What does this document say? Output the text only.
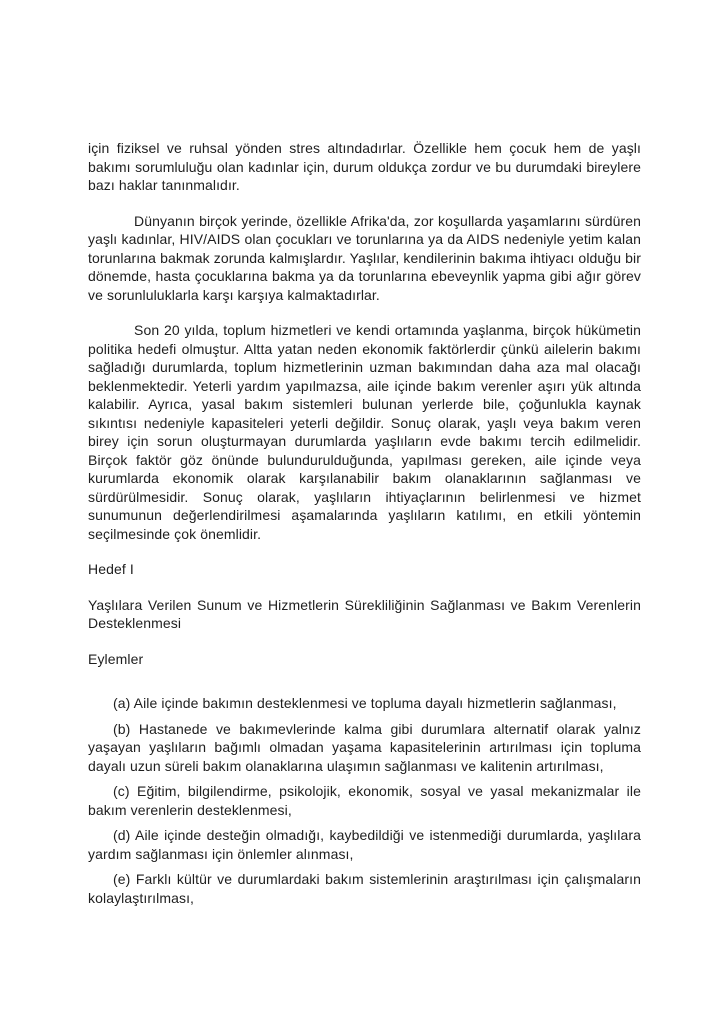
için fiziksel ve ruhsal yönden stres altındadırlar. Özellikle hem çocuk hem de yaşlı bakımı sorumluluğu olan kadınlar için, durum oldukça zordur ve bu durumdaki bireylere bazı haklar tanınmalıdır.

Dünyanın birçok yerinde, özellikle Afrika'da, zor koşullarda yaşamlarını sürdüren yaşlı kadınlar, HIV/AIDS olan çocukları ve torunlarına ya da AIDS nedeniyle yetim kalan torunlarına bakmak zorunda kalmışlardır. Yaşlılar, kendilerinin bakıma ihtiyacı olduğu bir dönemde, hasta çocuklarına bakma ya da torunlarına ebeveynlik yapma gibi ağır görev ve sorunluluklarla karşı karşıya kalmaktadırlar.

Son 20 yılda, toplum hizmetleri ve kendi ortamında yaşlanma, birçok hükümetin politika hedefi olmuştur. Altta yatan neden ekonomik faktörlerdir çünkü ailelerin bakımı sağladığı durumlarda, toplum hizmetlerinin uzman bakımından daha aza mal olacağı beklenmektedir. Yeterli yardım yapılmazsa, aile içinde bakım verenler aşırı yük altında kalabilir. Ayrıca, yasal bakım sistemleri bulunan yerlerde bile, çoğunlukla kaynak sıkıntısı nedeniyle kapasiteleri yeterli değildir. Sonuç olarak, yaşlı veya bakım veren birey için sorun oluşturmayan durumlarda yaşlıların evde bakımı tercih edilmelidir. Birçok faktör göz önünde bulundurulduğunda, yapılması gereken, aile içinde veya kurumlarda ekonomik olarak karşılanabilir bakım olanaklarının sağlanması ve sürdürülmesidir. Sonuç olarak, yaşlıların ihtiyaçlarının belirlenmesi ve hizmet sunumunun değerlendirilmesi aşamalarında yaşlıların katılımı, en etkili yöntemin seçilmesinde çok önemlidir.

Hedef I

Yaşlılara Verilen Sunum ve Hizmetlerin Sürekliliğinin Sağlanması ve Bakım Verenlerin Desteklenmesi

Eylemler

(a) Aile içinde bakımın desteklenmesi ve topluma dayalı hizmetlerin sağlanması,

(b) Hastanede ve bakımevlerinde kalma gibi durumlara alternatif olarak yalnız yaşayan yaşlıların bağımlı olmadan yaşama kapasitelerinin artırılması için topluma dayalı uzun süreli bakım olanaklarına ulaşımın sağlanması ve kalitenin artırılması,

(c) Eğitim, bilgilendirme, psikolojik, ekonomik, sosyal ve yasal mekanizmalar ile bakım verenlerin desteklenmesi,

(d) Aile içinde desteğin olmadığı, kaybedildiği ve istenmediği durumlarda, yaşlılara yardım sağlanması için önlemler alınması,

(e) Farklı kültür ve durumlardaki bakım sistemlerinin araştırılması için çalışmaların kolaylaştırılması,
